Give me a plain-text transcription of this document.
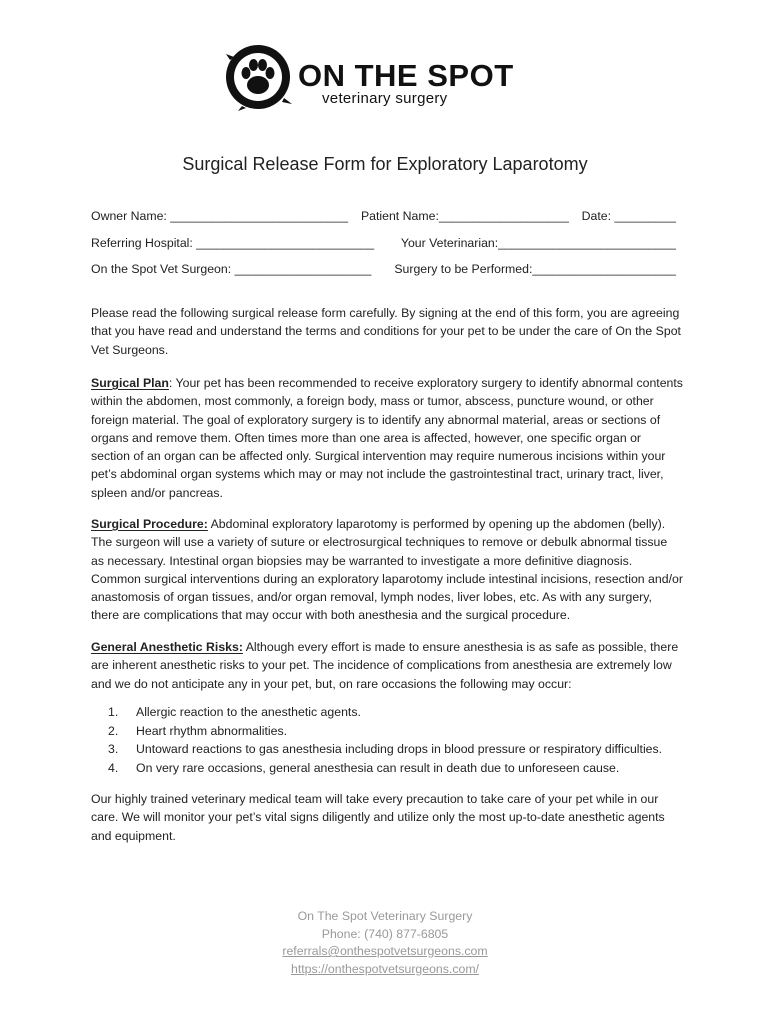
ON THE SPOT
veterinary surgery
Surgical Release Form for Exploratory Laparotomy
Owner Name: __________________________ Patient Name:___________________ Date: _________
Referring Hospital: __________________________ Your Veterinarian:__________________________
On the Spot Vet Surgeon: ____________________ Surgery to be Performed:_____________________

Please read the following surgical release form carefully. By signing at the end of this form, you are agreeing that you have read and understand the terms and conditions for your pet to be under the care of On the Spot Vet Surgeons.

Surgical Plan: Your pet has been recommended to receive exploratory surgery to identify abnormal contents within the abdomen, most commonly, a foreign body, mass or tumor, abscess, puncture wound, or other foreign material. The goal of exploratory surgery is to identify any abnormal material, areas or sections of organs and remove them. Often times more than one area is affected, however, one specific organ or section of an organ can be affected only. Surgical intervention may require numerous incisions within your pet’s abdominal organ systems which may or may not include the gastrointestinal tract, urinary tract, liver, spleen and/or pancreas.

Surgical Procedure: Abdominal exploratory laparotomy is performed by opening up the abdomen (belly). The surgeon will use a variety of suture or electrosurgical techniques to remove or debulk abnormal tissue as necessary. Intestinal organ biopsies may be warranted to investigate a more definitive diagnosis. Common surgical interventions during an exploratory laparotomy include intestinal incisions, resection and/or anastomosis of organ tissues, and/or organ removal, lymph nodes, liver lobes, etc. As with any surgery, there are complications that may occur with both anesthesia and the surgical procedure.

General Anesthetic Risks: Although every effort is made to ensure anesthesia is as safe as possible, there are inherent anesthetic risks to your pet. The incidence of complications from anesthesia are extremely low and we do not anticipate any in your pet, but, on rare occasions the following may occur:

1.	Allergic reaction to the anesthetic agents.
2.	Heart rhythm abnormalities.
3.	Untoward reactions to gas anesthesia including drops in blood pressure or respiratory difficulties.
4.	On very rare occasions, general anesthesia can result in death due to unforeseen cause.

Our highly trained veterinary medical team will take every precaution to take care of your pet while in our care. We will monitor your pet’s vital signs diligently and utilize only the most up-to-date anesthetic agents and equipment.

On The Spot Veterinary Surgery
Phone: (740) 877-6805
referrals@onthespotvetsurgeons.com
https://onthespotvetsurgeons.com/
